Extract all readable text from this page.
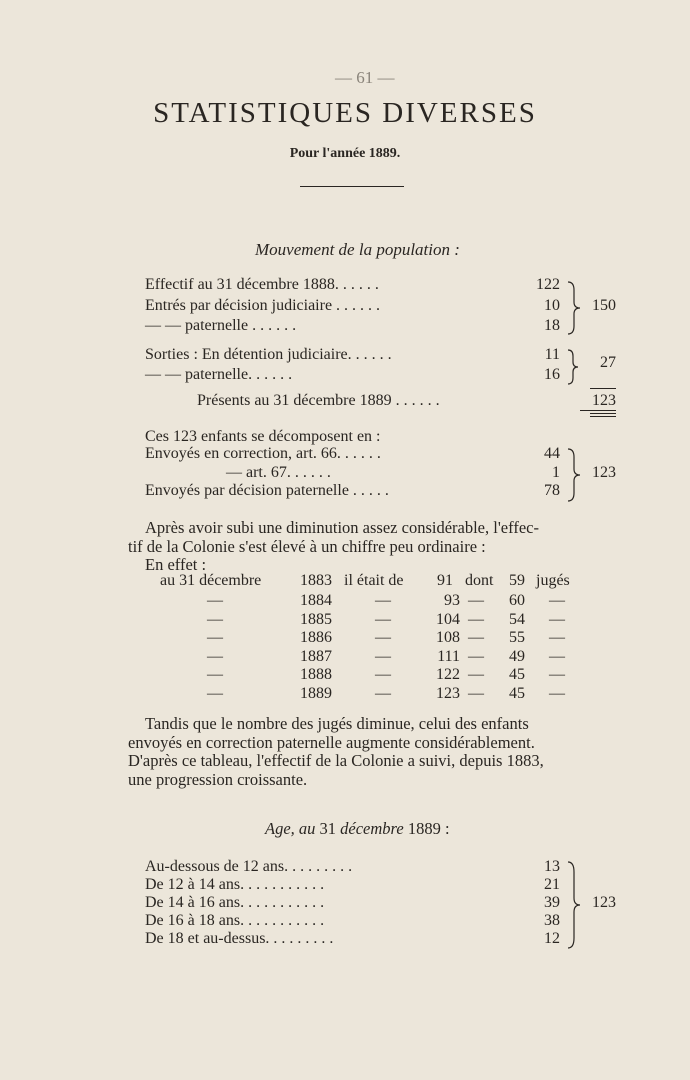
— 61 —
STATISTIQUES DIVERSES
Pour l'année 1889.
Mouvement de la population :
Effectif au 31 décembre 1888. . . . . .	122
Entrés par décision judiciaire . . . . . .	10
— — paternelle . . . . . .	18
150
Sorties : En détention judiciaire. . . . . .	11
— — paternelle. . . . . .	16
27
Présents au 31 décembre 1889 . . . . . .	123
Ces 123 enfants se décomposent en :
Envoyés en correction, art. 66. . . . . .	44
— art. 67. . . . . .	1
Envoyés par décision paternelle . . . . .	78
123
Après avoir subi une diminution assez considérable, l'effec-
tif de la Colonie s'est élevé à un chiffre peu ordinaire :
En effet :
au 31 décembre 1883 il était de 91 dont 59 jugés
—	1884	—	93 — 60 —
—	1885	—	104 — 54 —
—	1886	—	108 — 55 —
—	1887	—	111 — 49 —
—	1888	—	122 — 45 —
—	1889	—	123 — 45 —
Tandis que le nombre des jugés diminue, celui des enfants
envoyés en correction paternelle augmente considérablement.
D'après ce tableau, l'effectif de la Colonie a suivi, depuis 1883,
une progression croissante.
Age, au 31 décembre 1889 :
Au-dessous de 12 ans. . . . . . . . .	13
De 12 à 14 ans. . . . . . . . . . .	21
De 14 à 16 ans. . . . . . . . . . .	39
De 16 à 18 ans. . . . . . . . . . .	38
De 18 et au-dessus. . . . . . . . .	12
123
